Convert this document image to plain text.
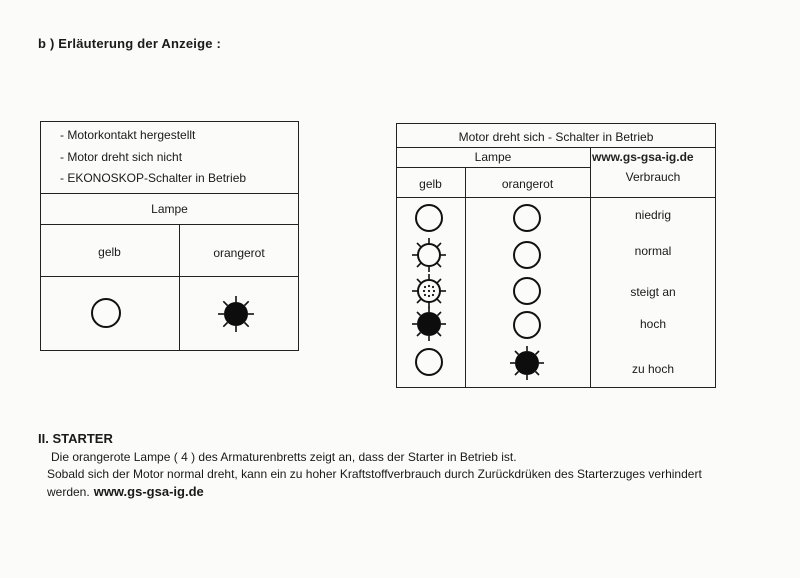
b ) Erläuterung der Anzeige :
- Motorkontakt hergestellt
- Motor dreht sich nicht
- EKONOSKOP-Schalter in Betrieb
Lampe
gelb	orangerot
Motor dreht sich - Schalter in Betrieb
Lampe
gelb	orangerot	Verbrauch
niedrig
normal
steigt an
hoch
zu hoch
www.gs-gsa-ig.de
II. STARTER
Die orangerote Lampe ( 4 ) des Armaturenbretts zeigt an, dass der Starter in Betrieb ist.
Sobald sich der Motor normal dreht, kann ein zu hoher Kraftstoffverbrauch durch Zurückdrüken des Starterzuges verhindert
werden. www.gs-gsa-ig.de
